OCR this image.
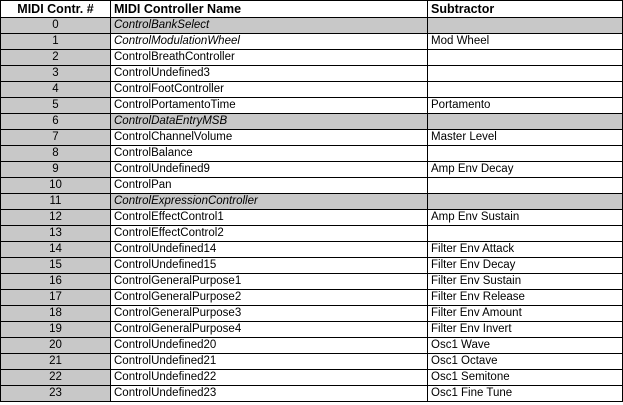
MIDI Contr. #	MIDI Controller Name	Subtractor
0	ControlBankSelect	
1	ControlModulationWheel	Mod Wheel
2	ControlBreathController	
3	ControlUndefined3	
4	ControlFootController	
5	ControlPortamentoTime	Portamento
6	ControlDataEntryMSB	
7	ControlChannelVolume	Master Level
8	ControlBalance	
9	ControlUndefined9	Amp Env Decay
10	ControlPan	
11	ControlExpressionController	
12	ControlEffectControl1	Amp Env Sustain
13	ControlEffectControl2	
14	ControlUndefined14	Filter Env Attack
15	ControlUndefined15	Filter Env Decay
16	ControlGeneralPurpose1	Filter Env Sustain
17	ControlGeneralPurpose2	Filter Env Release
18	ControlGeneralPurpose3	Filter Env Amount
19	ControlGeneralPurpose4	Filter Env Invert
20	ControlUndefined20	Osc1 Wave
21	ControlUndefined21	Osc1 Octave
22	ControlUndefined22	Osc1 Semitone
23	ControlUndefined23	Osc1 Fine Tune
